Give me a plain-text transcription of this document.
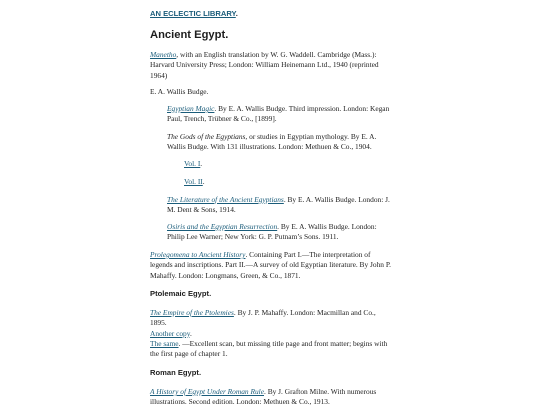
AN ECLECTIC LIBRARY.
Ancient Egypt.

Manetho, with an English translation by W. G. Waddell. Cambridge (Mass.): Harvard University Press; London: William Heinemann Ltd., 1940 (reprinted 1964)

E. A. Wallis Budge.

Egyptian Magic. By E. A. Wallis Budge. Third impression. London: Kegan Paul, Trench, Trübner & Co., [1899].

The Gods of the Egyptians, or studies in Egyptian mythology. By E. A. Wallis Budge. With 131 illustrations. London: Methuen & Co., 1904.

Vol. I.

Vol. II.

The Literature of the Ancient Egyptians. By E. A. Wallis Budge. London: J. M. Dent & Sons, 1914.

Osiris and the Egyptian Resurrection. By E. A. Wallis Budge. London: Philip Lee Warner; New York: G. P. Putnam’s Sons. 1911.

Prolegomena to Ancient History. Containing Part I.—The interpretation of legends and inscriptions. Part II.—A survey of old Egyptian literature. By John P. Mahaffy. London: Longmans, Green, & Co., 1871.

Ptolemaic Egypt.

The Empire of the Ptolemies. By J. P. Mahaffy. London: Macmillan and Co., 1895.
Another copy.
The same. —Excellent scan, but missing title page and front matter; begins with the first page of chapter 1.

Roman Egypt.

A History of Egypt Under Roman Rule. By J. Grafton Milne. With numerous illustrations. Second edition. London: Methuen & Co., 1913.
